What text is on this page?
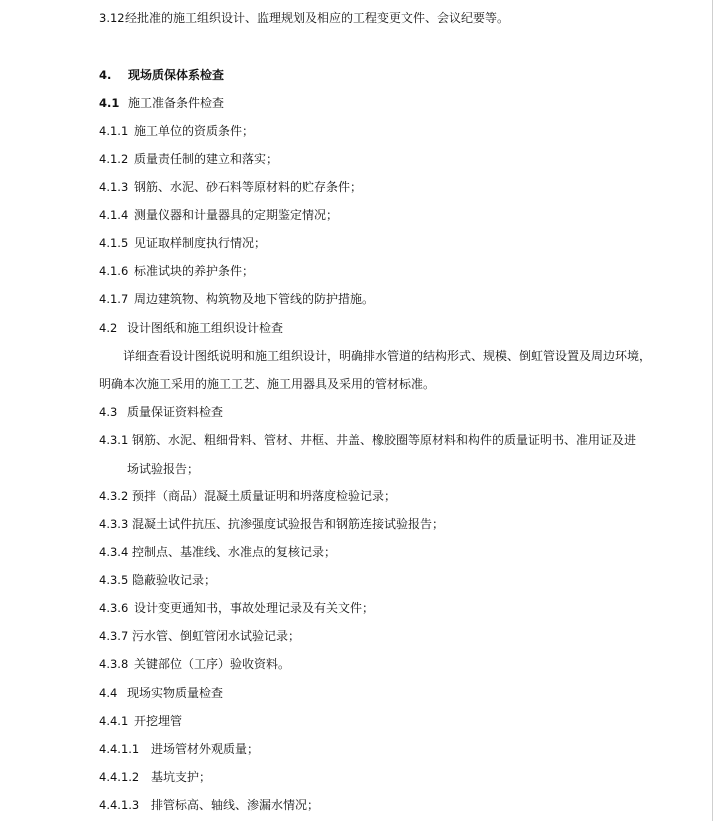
3.12 经批准的施工组织设计、监理规划及相应的工程变更文件、会议纪要等。
4. 现场质保体系检查
4.1 施工准备条件检查
4.1.1 施工单位的资质条件；
4.1.2 质量责任制的建立和落实；
4.1.3 钢筋、水泥、砂石料等原材料的贮存条件；
4.1.4 测量仪器和计量器具的定期鉴定情况；
4.1.5 见证取样制度执行情况；
4.1.6 标准试块的养护条件；
4.1.7 周边建筑物、构筑物及地下管线的防护措施。
4.2 设计图纸和施工组织设计检查
详细查看设计图纸说明和施工组织设计，明确排水管道的结构形式、规模、倒虹管设置及周边环境，
明确本次施工采用的施工工艺、施工用器具及采用的管材标准。
4.3 质量保证资料检查
4.3.1 钢筋、水泥、粗细骨料、管材、井框、井盖、橡胶圈等原材料和构件的质量证明书、准用证及进
场试验报告；
4.3.2 预拌（商品）混凝土质量证明和坍落度检验记录；
4.3.3 混凝土试件抗压、抗渗强度试验报告和钢筋连接试验报告；
4.3.4 控制点、基准线、水准点的复核记录；
4.3.5 隐蔽验收记录；
4.3.6 设计变更通知书，事故处理记录及有关文件；
4.3.7 污水管、倒虹管闭水试验记录；
4.3.8 关键部位（工序）验收资料。
4.4 现场实物质量检查
4.4.1 开挖埋管
4.4.1.1 进场管材外观质量；
4.4.1.2 基坑支护；
4.4.1.3 排管标高、轴线、渗漏水情况；
